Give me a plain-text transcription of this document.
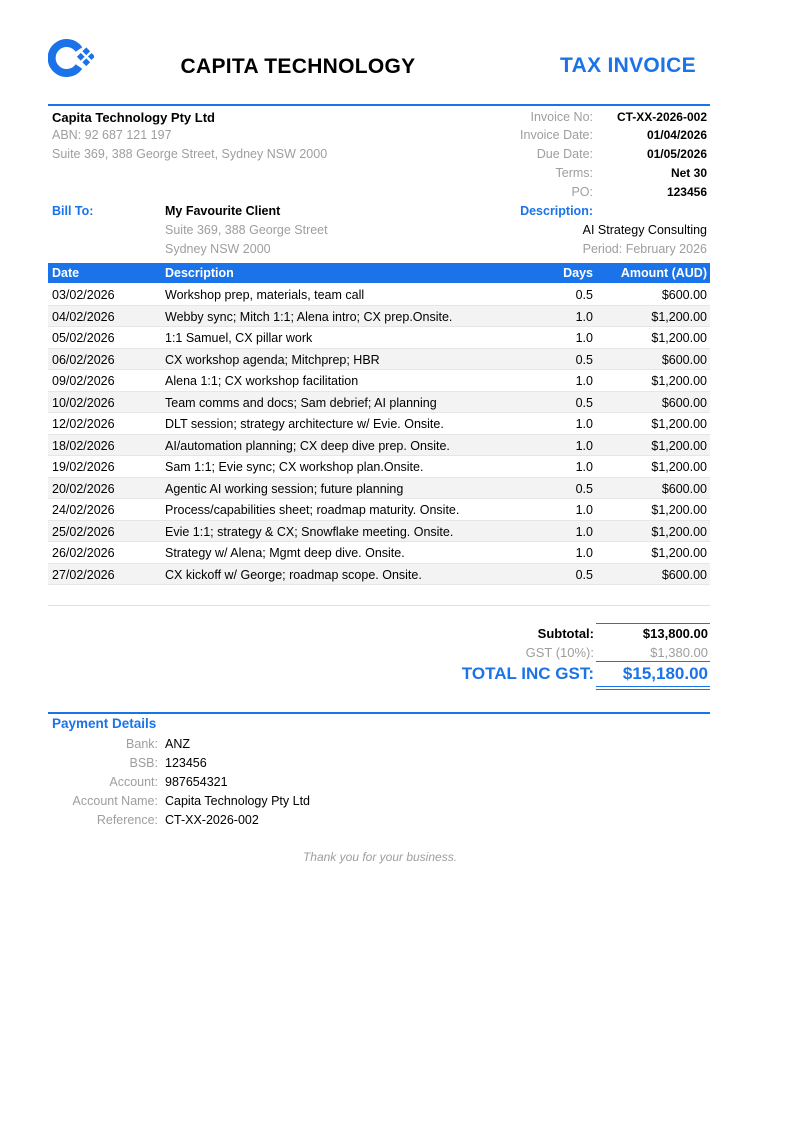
CAPITA TECHNOLOGY	TAX INVOICE
Capita Technology Pty Ltd
ABN: 92 687 121 197
Suite 369, 388 George Street, Sydney NSW 2000
Invoice No:	CT-XX-2026-002
Invoice Date:	01/04/2026
Due Date:	01/05/2026
Terms:	Net 30
PO:	123456
Bill To:	My Favourite Client
Suite 369, 388 George Street
Sydney NSW 2000
Description:
AI Strategy Consulting
Period: February 2026
Date	Description	Days	Amount (AUD)
03/02/2026	Workshop prep, materials, team call	0.5	$600.00
04/02/2026	Webby sync; Mitch 1:1; Alena intro; CX prep.Onsite.	1.0	$1,200.00
05/02/2026	1:1 Samuel, CX pillar work	1.0	$1,200.00
06/02/2026	CX workshop agenda; Mitchprep; HBR	0.5	$600.00
09/02/2026	Alena 1:1; CX workshop facilitation	1.0	$1,200.00
10/02/2026	Team comms and docs; Sam debrief; AI planning	0.5	$600.00
12/02/2026	DLT session; strategy architecture w/ Evie. Onsite.	1.0	$1,200.00
18/02/2026	AI/automation planning; CX deep dive prep. Onsite.	1.0	$1,200.00
19/02/2026	Sam 1:1; Evie sync; CX workshop plan.Onsite.	1.0	$1,200.00
20/02/2026	Agentic AI working session; future planning	0.5	$600.00
24/02/2026	Process/capabilities sheet; roadmap maturity. Onsite.	1.0	$1,200.00
25/02/2026	Evie 1:1; strategy & CX; Snowflake meeting. Onsite.	1.0	$1,200.00
26/02/2026	Strategy w/ Alena; Mgmt deep dive. Onsite.	1.0	$1,200.00
27/02/2026	CX kickoff w/ George; roadmap scope. Onsite.	0.5	$600.00
Subtotal:	$13,800.00
GST (10%):	$1,380.00
TOTAL INC GST:	$15,180.00
Payment Details
Bank: ANZ
BSB: 123456
Account: 987654321
Account Name: Capita Technology Pty Ltd
Reference: CT-XX-2026-002
Thank you for your business.
